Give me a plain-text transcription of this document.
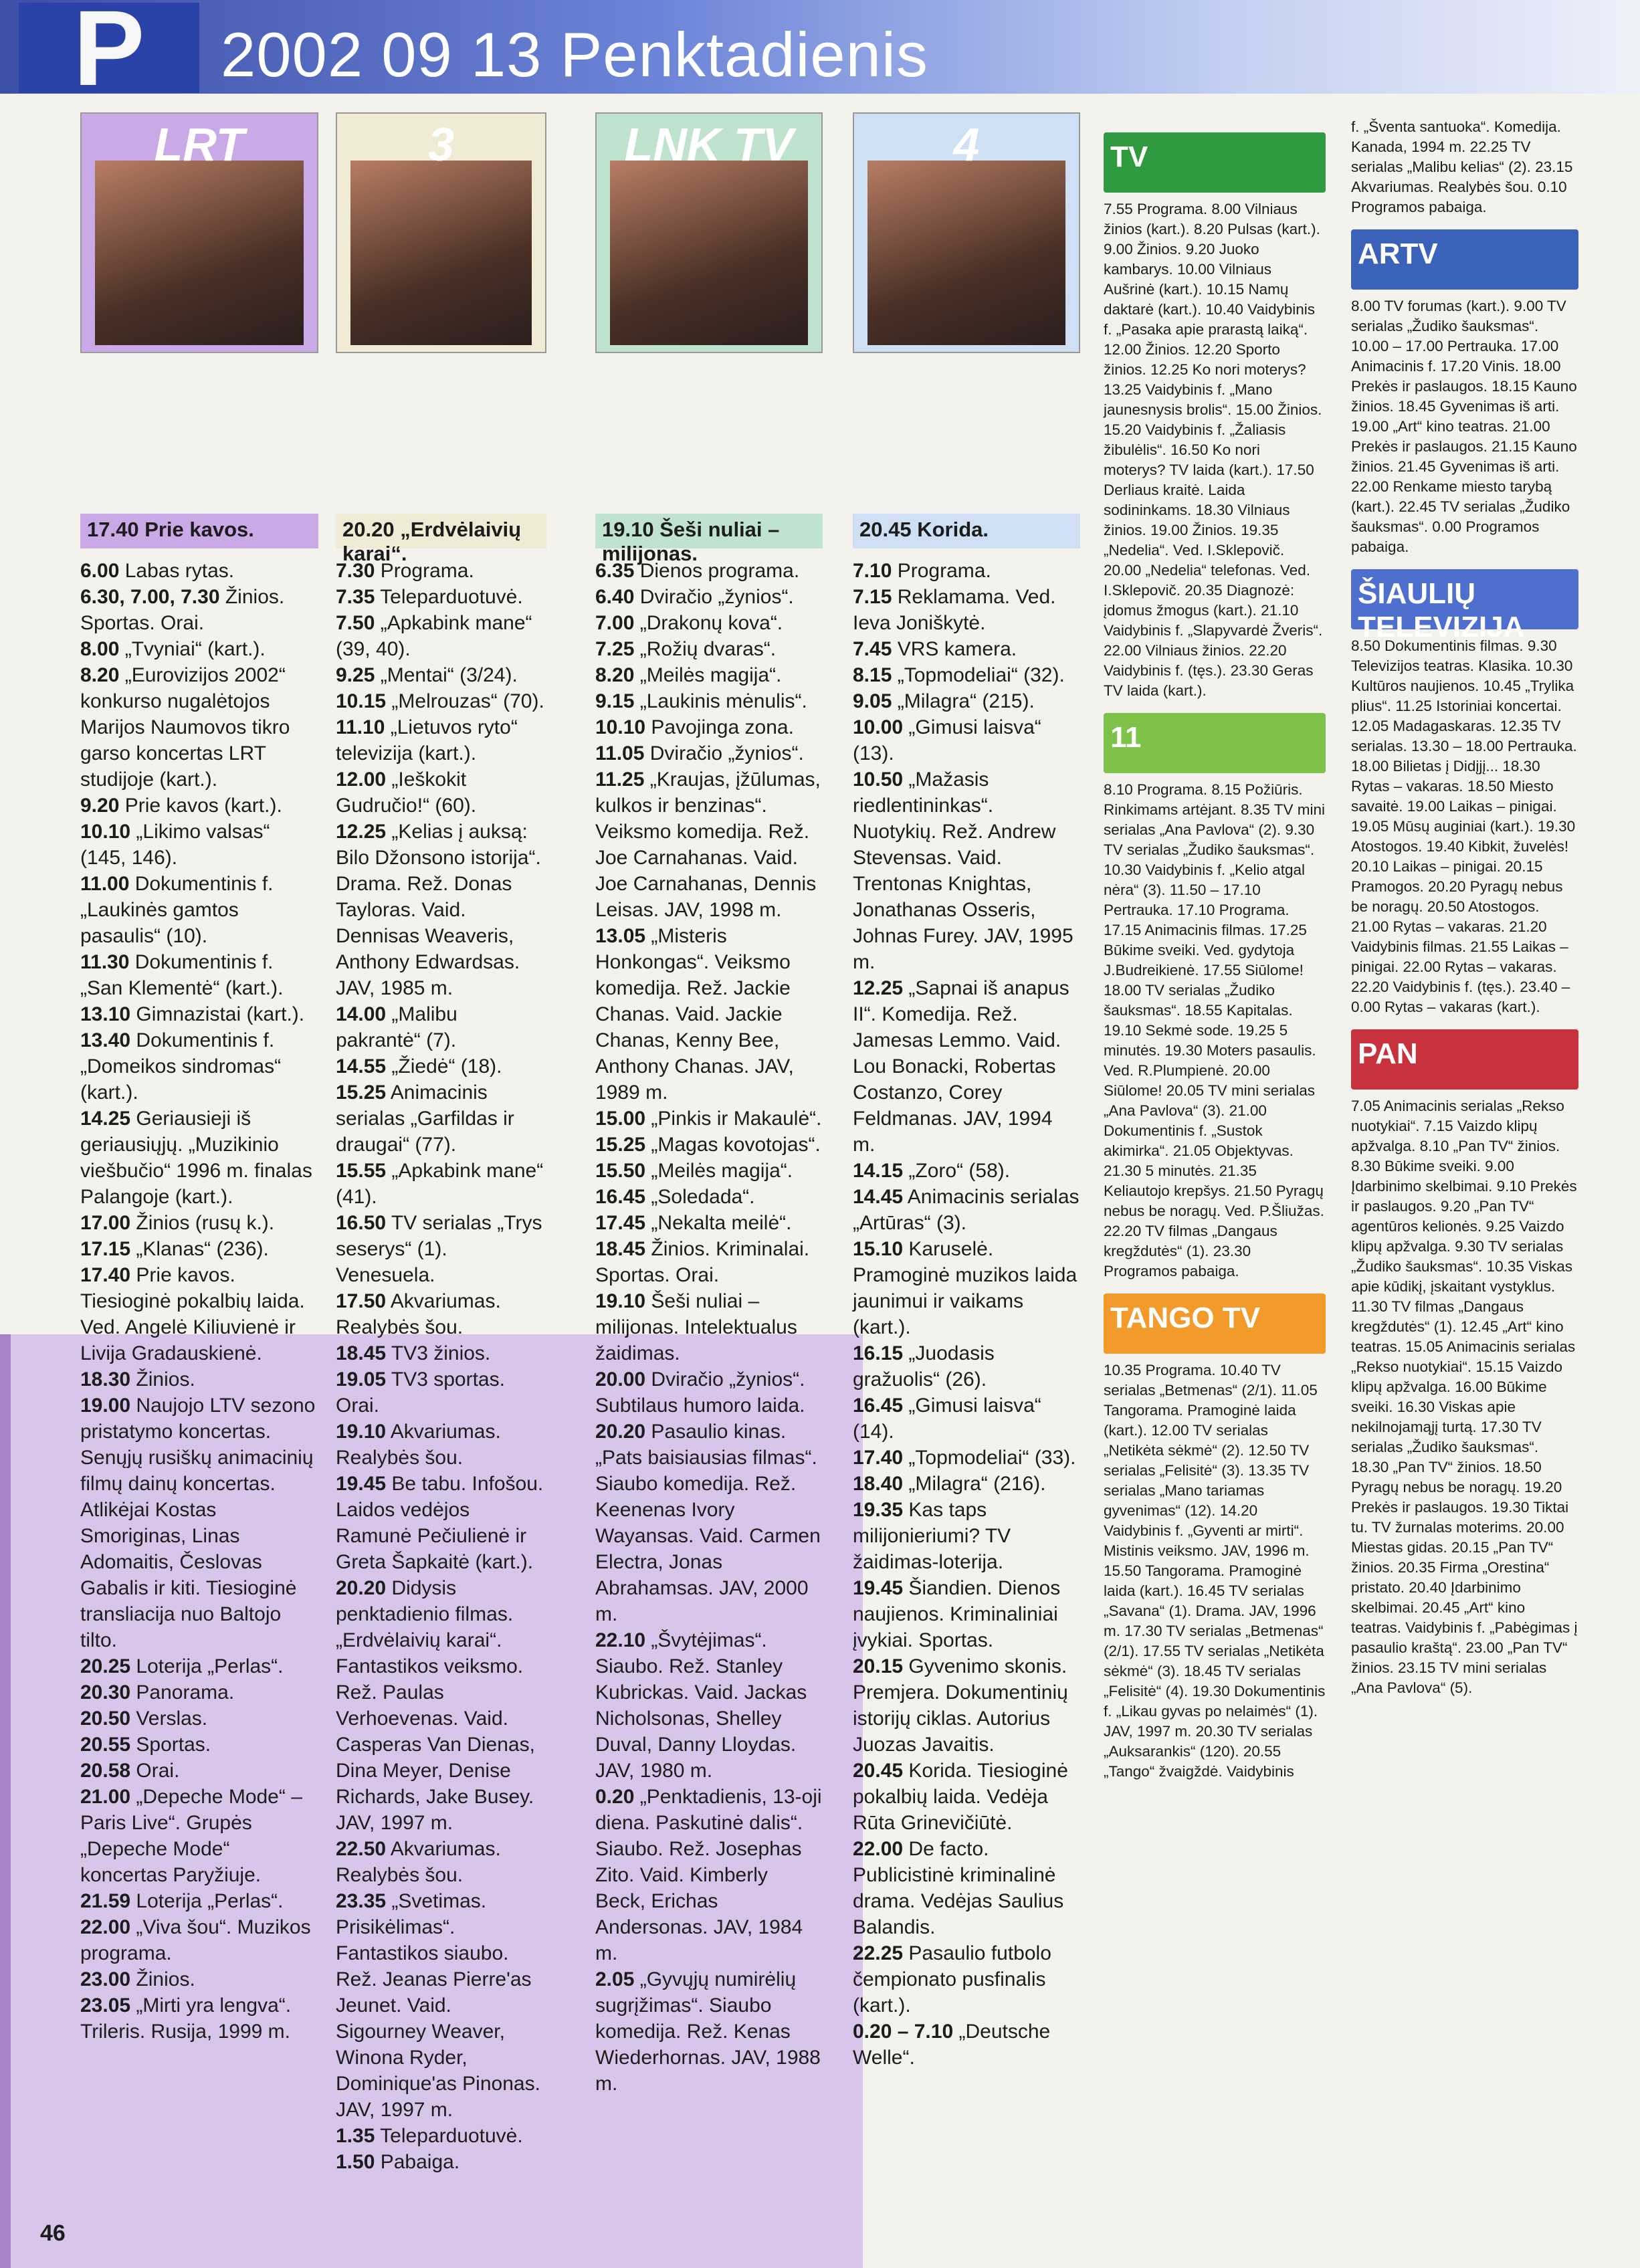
P	2002 09 13 Penktadienis
LRT
17.40 Prie kavos.
6.00 Labas rytas.
6.30, 7.00, 7.30 Žinios. Sportas. Orai.
8.00 „Tvyniai“ (kart.).
8.20 „Eurovizijos 2002“ konkurso nugalėtojos Marijos Naumovos tikro garso koncertas LRT studijoje (kart.).
9.20 Prie kavos (kart.).
10.10 „Likimo valsas“ (145, 146).
11.00 Dokumentinis f. „Laukinės gamtos pasaulis“ (10).
11.30 Dokumentinis f. „San Klementė“ (kart.).
13.10 Gimnazistai (kart.).
13.40 Dokumentinis f. „Domeikos sindromas“ (kart.).
14.25 Geriausieji iš geriausiųjų. „Muzikinio viešbučio“ 1996 m. finalas Palangoje (kart.).
17.00 Žinios (rusų k.).
17.15 „Klanas“ (236).
17.40 Prie kavos. Tiesioginė pokalbių laida. Ved. Angelė Kiliuvienė ir Livija Gradauskienė.
18.30 Žinios.
19.00 Naujojo LTV sezono pristatymo koncertas. Senųjų rusiškų animacinių filmų dainų koncertas. Atlikėjai Kostas Smoriginas, Linas Adomaitis, Česlovas Gabalis ir kiti. Tiesioginė transliacija nuo Baltojo tilto.
20.25 Loterija „Perlas“.
20.30 Panorama.
20.50 Verslas.
20.55 Sportas.
20.58 Orai.
21.00 „Depeche Mode“ – Paris Live“. Grupės „Depeche Mode“ koncertas Paryžiuje.
21.59 Loterija „Perlas“.
22.00 „Viva šou“. Muzikos programa.
23.00 Žinios.
23.05 „Mirti yra lengva“. Trileris. Rusija, 1999 m.
3
20.20 „Erdvėlaivių karai“.
7.30 Programa.
7.35 Teleparduotuvė.
7.50 „Apkabink mane“ (39, 40).
9.25 „Mentai“ (3/24).
10.15 „Melrouzas“ (70).
11.10 „Lietuvos ryto“ televizija (kart.).
12.00 „Ieškokit Gudručio!“ (60).
12.25 „Kelias į auksą: Bilo Džonsono istorija“. Drama. Rež. Donas Tayloras. Vaid. Dennisas Weaveris, Anthony Edwardsas. JAV, 1985 m.
14.00 „Malibu pakrantė“ (7).
14.55 „Žiedė“ (18).
15.25 Animacinis serialas „Garfildas ir draugai“ (77).
15.55 „Apkabink mane“ (41).
16.50 TV serialas „Trys seserys“ (1). Venesuela.
17.50 Akvariumas. Realybės šou.
18.45 TV3 žinios.
19.05 TV3 sportas. Orai.
19.10 Akvariumas. Realybės šou.
19.45 Be tabu. Infošou. Laidos vedėjos Ramunė Pečiulienė ir Greta Šapkaitė (kart.).
20.20 Didysis penktadienio filmas. „Erdvėlaivių karai“. Fantastikos veiksmo. Rež. Paulas Verhoevenas. Vaid. Casperas Van Dienas, Dina Meyer, Denise Richards, Jake Busey. JAV, 1997 m.
22.50 Akvariumas. Realybės šou.
23.35 „Svetimas. Prisikėlimas“. Fantastikos siaubo. Rež. Jeanas Pierre'as Jeunet. Vaid. Sigourney Weaver, Winona Ryder, Dominique'as Pinonas. JAV, 1997 m.
1.35 Teleparduotuvė.
1.50 Pabaiga.
LNK TV
19.10 Šeši nuliai – milijonas.
6.35 Dienos programa.
6.40 Dviračio „žynios“.
7.00 „Drakonų kova“.
7.25 „Rožių dvaras“.
8.20 „Meilės magija“.
9.15 „Laukinis mėnulis“.
10.10 Pavojinga zona.
11.05 Dviračio „žynios“.
11.25 „Kraujas, įžūlumas, kulkos ir benzinas“. Veiksmo komedija. Rež. Joe Carnahanas. Vaid. Joe Carnahanas, Dennis Leisas. JAV, 1998 m.
13.05 „Misteris Honkongas“. Veiksmo komedija. Rež. Jackie Chanas. Vaid. Jackie Chanas, Kenny Bee, Anthony Chanas. JAV, 1989 m.
15.00 „Pinkis ir Makaulė“.
15.25 „Magas kovotojas“.
15.50 „Meilės magija“.
16.45 „Soledada“.
17.45 „Nekalta meilė“.
18.45 Žinios. Kriminalai. Sportas. Orai.
19.10 Šeši nuliai – milijonas. Intelektualus žaidimas.
20.00 Dviračio „žynios“. Subtilaus humoro laida.
20.20 Pasaulio kinas. „Pats baisiausias filmas“. Siaubo komedija. Rež. Keenenas Ivory Wayansas. Vaid. Carmen Electra, Jonas Abrahamsas. JAV, 2000 m.
22.10 „Švytėjimas“. Siaubo. Rež. Stanley Kubrickas. Vaid. Jackas Nicholsonas, Shelley Duval, Danny Lloydas. JAV, 1980 m.
0.20 „Penktadienis, 13-oji diena. Paskutinė dalis“. Siaubo. Rež. Josephas Zito. Vaid. Kimberly Beck, Erichas Andersonas. JAV, 1984 m.
2.05 „Gyvųjų numirėlių sugrįžimas“. Siaubo komedija. Rež. Kenas Wiederhornas. JAV, 1988 m.
4
20.45 Korida.
7.10 Programa.
7.15 Reklamama. Ved. Ieva Joniškytė.
7.45 VRS kamera.
8.15 „Topmodeliai“ (32).
9.05 „Milagra“ (215).
10.00 „Gimusi laisva“ (13).
10.50 „Mažasis riedlentininkas“. Nuotykių. Rež. Andrew Stevensas. Vaid. Trentonas Knightas, Jonathanas Osseris, Johnas Furey. JAV, 1995 m.
12.25 „Sapnai iš anapus II“. Komedija. Rež. Jamesas Lemmo. Vaid. Lou Bonacki, Robertas Costanzo, Corey Feldmanas. JAV, 1994 m.
14.15 „Zoro“ (58).
14.45 Animacinis serialas „Artūras“ (3).
15.10 Karuselė. Pramoginė muzikos laida jaunimui ir vaikams (kart.).
16.15 „Juodasis gražuolis“ (26).
16.45 „Gimusi laisva“ (14).
17.40 „Topmodeliai“ (33).
18.40 „Milagra“ (216).
19.35 Kas taps milijonieriumi? TV žaidimas-loterija.
19.45 Šiandien. Dienos naujienos. Kriminaliniai įvykiai. Sportas.
20.15 Gyvenimo skonis. Premjera. Dokumentinių istorijų ciklas. Autorius Juozas Javaitis.
20.45 Korida. Tiesioginė pokalbių laida. Vedėja Rūta Grinevičiūtė.
22.00 De facto. Publicistinė kriminalinė drama. Vedėjas Saulius Balandis.
22.25 Pasaulio futbolo čempionato pusfinalis (kart.).
0.20 – 7.10 „Deutsche Welle“.
TV
7.55 Programa. 8.00 Vilniaus žinios (kart.). 8.20 Pulsas (kart.). 9.00 Žinios. 9.20 Juoko kambarys. 10.00 Vilniaus Aušrinė (kart.). 10.15 Namų daktarė (kart.). 10.40 Vaidybinis f. „Pasaka apie prarastą laiką“. 12.00 Žinios. 12.20 Sporto žinios. 12.25 Ko nori moterys? 13.25 Vaidybinis f. „Mano jaunesnysis brolis“. 15.00 Žinios. 15.20 Vaidybinis f. „Žaliasis žibulėlis“. 16.50 Ko nori moterys? TV laida (kart.). 17.50 Derliaus kraitė. Laida sodininkams. 18.30 Vilniaus žinios. 19.00 Žinios. 19.35 „Nedelia“. Ved. I.Sklepovič. 20.00 „Nedelia“ telefonas. Ved. I.Sklepovič. 20.35 Diagnozė: įdomus žmogus (kart.). 21.10 Vaidybinis f. „Slapyvardė Žveris“. 22.00 Vilniaus žinios. 22.20 Vaidybinis f. (tęs.). 23.30 Geras TV laida (kart.).
11
8.10 Programa. 8.15 Požiūris. Rinkimams artėjant. 8.35 TV mini serialas „Ana Pavlova“ (2). 9.30 TV serialas „Žudiko šauksmas“. 10.30 Vaidybinis f. „Kelio atgal nėra“ (3). 11.50 – 17.10 Pertrauka. 17.10 Programa. 17.15 Animacinis filmas. 17.25 Būkime sveiki. Ved. gydytoja J.Budreikienė. 17.55 Siūlome! 18.00 TV serialas „Žudiko šauksmas“. 18.55 Kapitalas. 19.10 Sekmė sode. 19.25 5 minutės. 19.30 Moters pasaulis. Ved. R.Plumpienė. 20.00 Siūlome! 20.05 TV mini serialas „Ana Pavlova“ (3). 21.00 Dokumentinis f. „Sustok akimirka“. 21.05 Objektyvas. 21.30 5 minutės. 21.35 Keliautojo krepšys. 21.50 Pyragų nebus be noragų. Ved. P.Šliužas. 22.20 TV filmas „Dangaus kregždutės“ (1). 23.30 Programos pabaiga.
TANGO TV
10.35 Programa. 10.40 TV serialas „Betmenas“ (2/1). 11.05 Tangorama. Pramoginė laida (kart.). 12.00 TV serialas „Netikėta sėkmė“ (2). 12.50 TV serialas „Felisitė“ (3). 13.35 TV serialas „Mano tariamas gyvenimas“ (12). 14.20 Vaidybinis f. „Gyventi ar mirti“. Mistinis veiksmo. JAV, 1996 m. 15.50 Tangorama. Pramoginė laida (kart.). 16.45 TV serialas „Savana“ (1). Drama. JAV, 1996 m. 17.30 TV serialas „Betmenas“ (2/1). 17.55 TV serialas „Netikėta sėkmė“ (3). 18.45 TV serialas „Felisitė“ (4). 19.30 Dokumentinis f. „Likau gyvas po nelaimės“ (1). JAV, 1997 m. 20.30 TV serialas „Auksarankis“ (120). 20.55 „Tango“ žvaigždė. Vaidybinis
f. „Šventa santuoka“. Komedija. Kanada, 1994 m. 22.25 TV serialas „Malibu kelias“ (2). 23.15 Akvariumas. Realybės šou. 0.10 Programos pabaiga.
ARTV
8.00 TV forumas (kart.). 9.00 TV serialas „Žudiko šauksmas“. 10.00 – 17.00 Pertrauka. 17.00 Animacinis f. 17.20 Vinis. 18.00 Prekės ir paslaugos. 18.15 Kauno žinios. 18.45 Gyvenimas iš arti. 19.00 „Art“ kino teatras. 21.00 Prekės ir paslaugos. 21.15 Kauno žinios. 21.45 Gyvenimas iš arti. 22.00 Renkame miesto tarybą (kart.). 22.45 TV serialas „Žudiko šauksmas“. 0.00 Programos pabaiga.
ŠIAULIŲ TELEVIZIJA
8.50 Dokumentinis filmas. 9.30 Televizijos teatras. Klasika. 10.30 Kultūros naujienos. 10.45 „Trylika plius“. 11.25 Istoriniai koncertai. 12.05 Madagaskaras. 12.35 TV serialas. 13.30 – 18.00 Pertrauka. 18.00 Bilietas į Didįjį... 18.30 Rytas – vakaras. 18.50 Miesto savaitė. 19.00 Laikas – pinigai. 19.05 Mūsų auginiai (kart.). 19.30 Atostogos. 19.40 Kibkit, žuvelės! 20.10 Laikas – pinigai. 20.15 Pramogos. 20.20 Pyragų nebus be noragų. 20.50 Atostogos. 21.00 Rytas – vakaras. 21.20 Vaidybinis filmas. 21.55 Laikas – pinigai. 22.00 Rytas – vakaras. 22.20 Vaidybinis f. (tęs.). 23.40 – 0.00 Rytas – vakaras (kart.).
PAN
7.05 Animacinis serialas „Rekso nuotykiai“. 7.15 Vaizdo klipų apžvalga. 8.10 „Pan TV“ žinios. 8.30 Būkime sveiki. 9.00 Įdarbinimo skelbimai. 9.10 Prekės ir paslaugos. 9.20 „Pan TV“ agentūros kelionės. 9.25 Vaizdo klipų apžvalga. 9.30 TV serialas „Žudiko šauksmas“. 10.35 Viskas apie kūdikį, įskaitant vystyklus. 11.30 TV filmas „Dangaus kregždutės“ (1). 12.45 „Art“ kino teatras. 15.05 Animacinis serialas „Rekso nuotykiai“. 15.15 Vaizdo klipų apžvalga. 16.00 Būkime sveiki. 16.30 Viskas apie nekilnojamąjį turtą. 17.30 TV serialas „Žudiko šauksmas“. 18.30 „Pan TV“ žinios. 18.50 Pyragų nebus be noragų. 19.20 Prekės ir paslaugos. 19.30 Tiktai tu. TV žurnalas moterims. 20.00 Miestas gidas. 20.15 „Pan TV“ žinios. 20.35 Firma „Orestina“ pristato. 20.40 Įdarbinimo skelbimai. 20.45 „Art“ kino teatras. Vaidybinis f. „Pabėgimas į pasaulio kraštą“. 23.00 „Pan TV“ žinios. 23.15 TV mini serialas „Ana Pavlova“ (5).
46
